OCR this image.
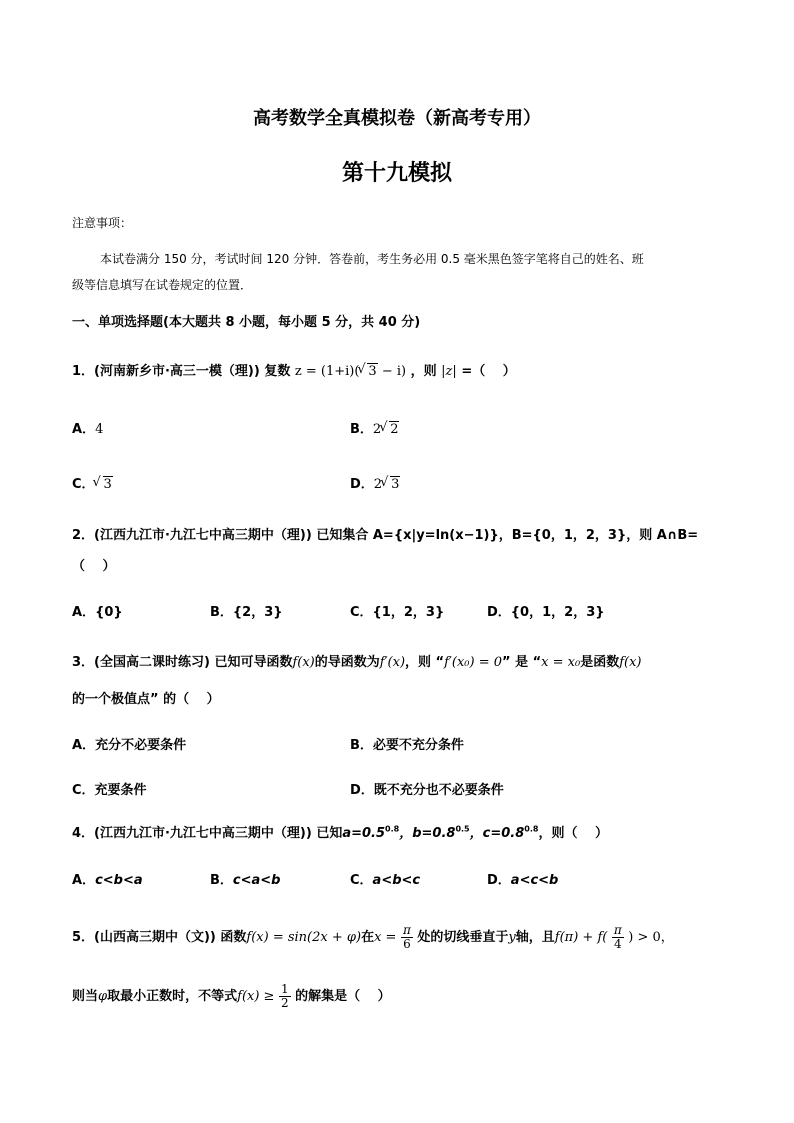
高考数学全真模拟卷（新高考专用）
第十九模拟
注意事项：
本试卷满分 150 分，考试时间 120 分钟．答卷前，考生务必用 0.5 毫米黑色签字笔将自己的姓名、班
级等信息填写在试卷规定的位置．
一、单项选择题(本大题共 8 小题，每小题 5 分，共 40 分)
1．(河南新乡市·高三一模（理)) 复数 z = (1+i)( √ 3 − i) ，则 |z| =（　 ）
A．4	B．2 √ 2
C． √ 3	D．2 √ 3
2．(江西九江市·九江七中高三期中（理)) 已知集合 A={x|y=ln(x−1)}，B={0，1，2，3}，则 A∩B=
（　 ）
A．{0}	B．{2，3}	C．{1，2，3}	D．{0，1，2，3}
3．(全国高二课时练习) 已知可导函数f(x)的导函数为f′(x)，则 “f′(x₀) = 0” 是 “x = x₀是函数f(x)
的一个极值点” 的（　 ）
A．充分不必要条件	B．必要不充分条件
C．充要条件	D．既不充分也不必要条件
4．(江西九江市·九江七中高三期中（理)) 已知$a=0.5^{0.8}$，$b=0.8^{0.5}$，$c=0.8^{0.8}$，则（　 ）
A．c<b<a	B．c<a<b	C．a<b<c	D．a<c<b
5．(山西高三期中（文)) 函数f(x) = sin(2x + φ)在$x = \frac{\pi}{6}$ 处的切线垂直于y轴，且$f(\pi) + f( \frac{\pi}{4}$ ) > 0，
则当φ取最小正数时，不等式$f(x) \ge \frac{1}{2}$ 的解集是（　 ）
